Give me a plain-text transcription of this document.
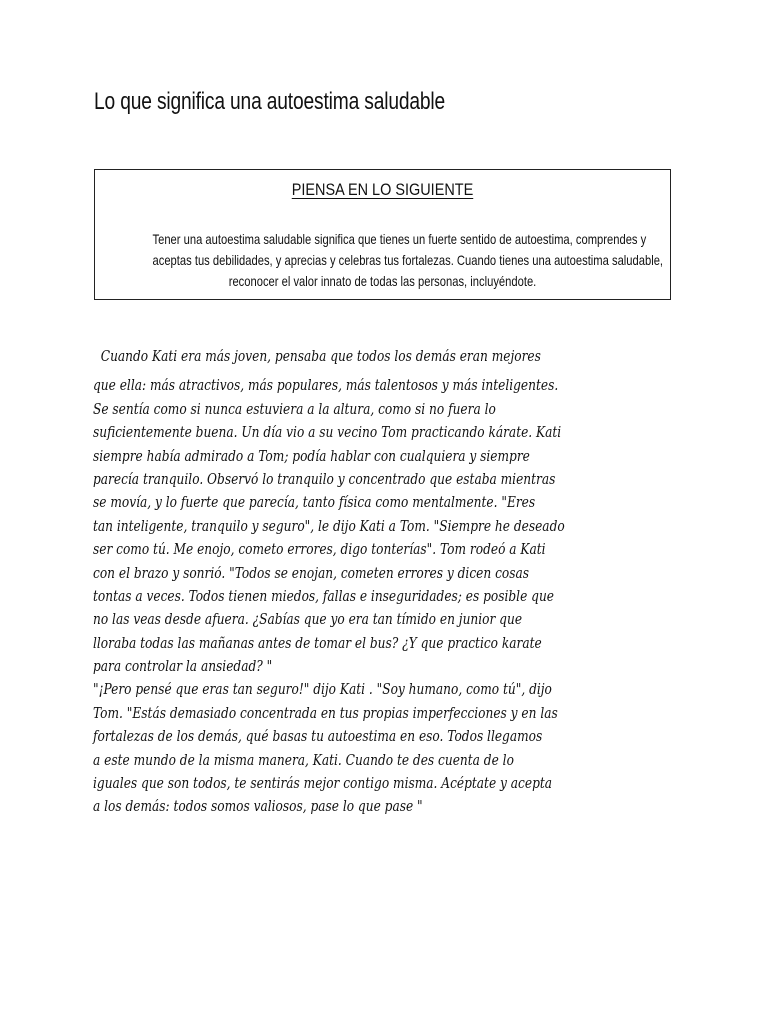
Lo que significa una autoestima saludable
PIENSA EN LO SIGUIENTE
Tener una autoestima saludable significa que tienes un fuerte sentido de autoestima, comprendes y
aceptas tus debilidades, y aprecias y celebras tus fortalezas. Cuando tienes una autoestima saludable,
reconocer el valor innato de todas las personas, incluyéndote.
Cuando Kati era más joven, pensaba que todos los demás eran mejores
que ella: más atractivos, más populares, más talentosos y más inteligentes.
Se sentía como si nunca estuviera a la altura, como si no fuera lo
suficientemente buena. Un día vio a su vecino Tom practicando kárate. Kati
siempre había admirado a Tom; podía hablar con cualquiera y siempre
parecía tranquilo. Observó lo tranquilo y concentrado que estaba mientras
se movía, y lo fuerte que parecía, tanto física como mentalmente. "Eres
tan inteligente, tranquilo y seguro", le dijo Kati a Tom. "Siempre he deseado
ser como tú. Me enojo, cometo errores, digo tonterías". Tom rodeó a Kati
con el brazo y sonrió. "Todos se enojan, cometen errores y dicen cosas
tontas a veces. Todos tienen miedos, fallas e inseguridades; es posible que
no las veas desde afuera. ¿Sabías que yo era tan tímido en junior que
lloraba todas las mañanas antes de tomar el bus? ¿Y que practico karate
para controlar la ansiedad? "
"¡Pero pensé que eras tan seguro!" dijo Kati . "Soy humano, como tú", dijo
Tom. "Estás demasiado concentrada en tus propias imperfecciones y en las
fortalezas de los demás, qué basas tu autoestima en eso. Todos llegamos
a este mundo de la misma manera, Kati. Cuando te des cuenta de lo
iguales que son todos, te sentirás mejor contigo misma. Acéptate y acepta
a los demás: todos somos valiosos, pase lo que pase "
